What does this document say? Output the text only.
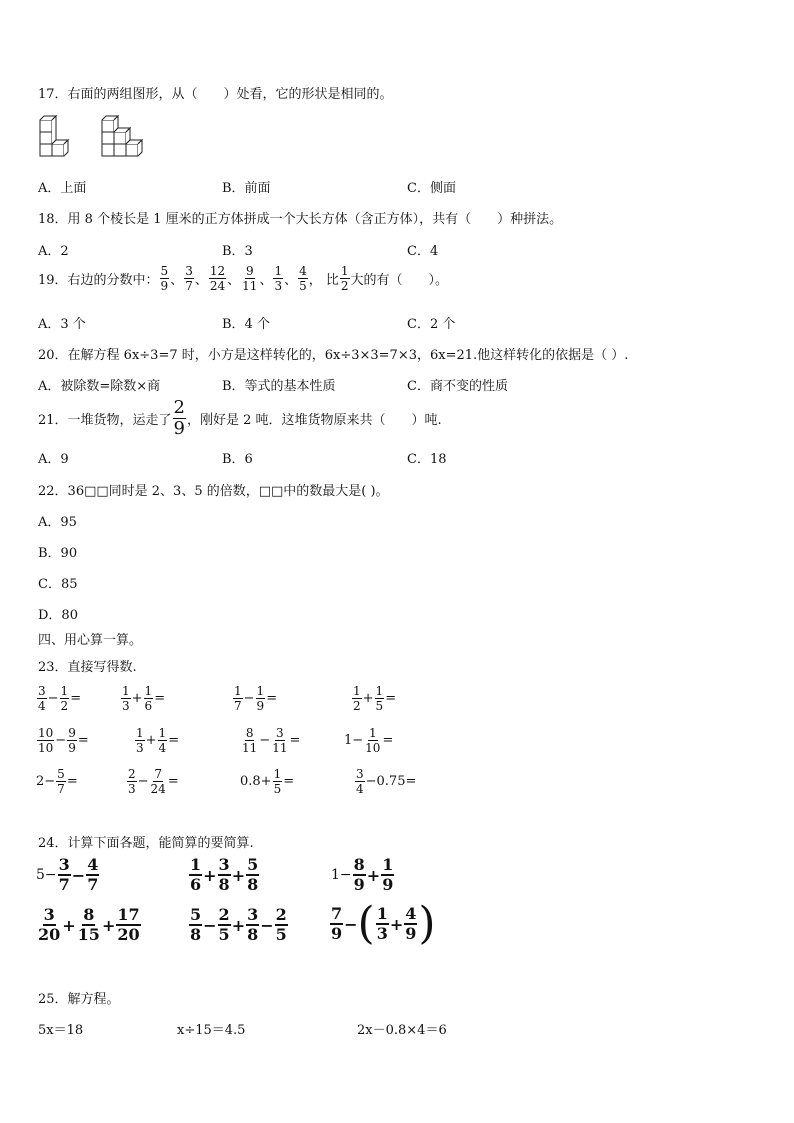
17．右面的两组图形，从（　　）处看，它的形状是相同的。
A．上面	B．前面	C．侧面
18．用 8 个棱长是 1 厘米的正方体拼成一个大长方体（含正方体），共有（　　）种拼法。
A．2	B．3	C．4
19．右边的分数中： $\frac{5}{9}$ 、 $\frac{3}{7}$ 、 $\frac{12}{24}$ 、 $\frac{9}{11}$ 、 $\frac{1}{3}$ 、 $\frac{4}{5}$ ， 比 $\frac{1}{2}$ 大的有（　　）。
A．3 个	B．4 个	C．2 个
20．在解方程 6x÷3=7 时，小方是这样转化的，6x÷3×3=7×3，6x=21.他这样转化的依据是（ ）.
A．被除数=除数×商	B．等式的基本性质	C．商不变的性质
21．一堆货物，运走了 $\frac{2}{9}$ ，刚好是 2 吨．这堆货物原来共（　　）吨.
A．9	B．6	C．18
22．36□□同时是 2、3、5 的倍数，□□中的数最大是( )。
A．95
B．90
C．85
D．80
四、用心算一算。
23．直接写得数.
$\frac{3}{4} - \frac{1}{2}$ =	$\frac{1}{3} + \frac{1}{6}$ =	$\frac{1}{7} - \frac{1}{9}$ =	$\frac{1}{2} + \frac{1}{5}$ =
$\frac{10}{10} - \frac{9}{9}$ =	$\frac{1}{3} + \frac{1}{4}$ =	$\frac{8}{11} - \frac{3}{11}$ =	$1- \frac{1}{10}$ =
$2- \frac{5}{7}$ =	$\frac{2}{3} - \frac{7}{24}$ =	$0.8+ \frac{1}{5}$ =	$\frac{3}{4} -0.75$ =
24．计算下面各题，能简算的要简算.
$5- \frac{3}{7} - \frac{4}{7}$	$\frac{1}{6} + \frac{3}{8} + \frac{5}{8}$	$1- \frac{8}{9} + \frac{1}{9}$
$\frac{3}{20} + \frac{8}{15} + \frac{17}{20}$	$\frac{5}{8} - \frac{2}{5} + \frac{3}{8} - \frac{2}{5}$	$\frac{7}{9}$ − ( $\frac{1}{3} + \frac{4}{9}$ )
25．解方程。
5x＝18	x÷15＝4.5	2x－0.8×4＝6
